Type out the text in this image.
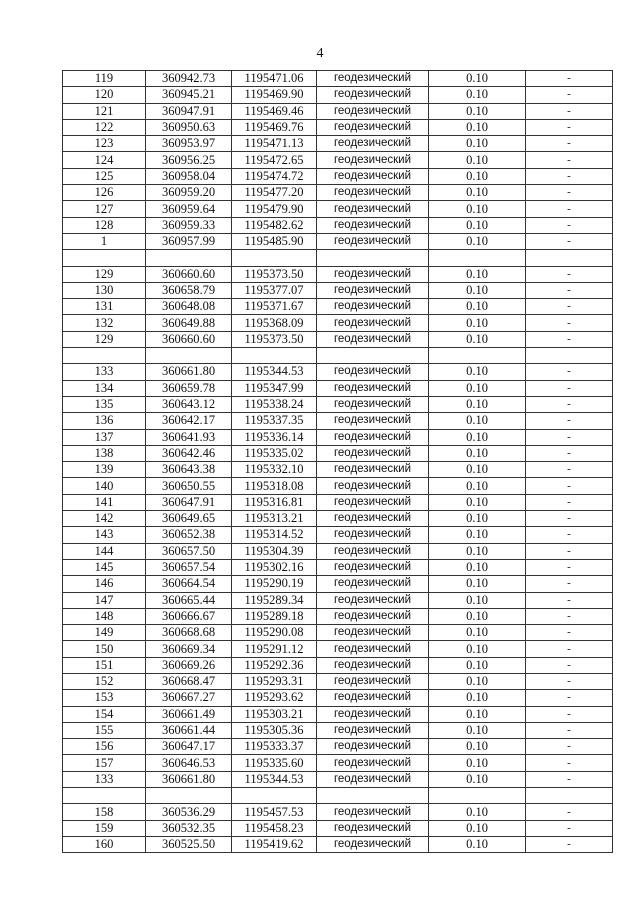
4
119	360942.73	1195471.06	геодезический	0.10	-
120	360945.21	1195469.90	геодезический	0.10	-
121	360947.91	1195469.46	геодезический	0.10	-
122	360950.63	1195469.76	геодезический	0.10	-
123	360953.97	1195471.13	геодезический	0.10	-
124	360956.25	1195472.65	геодезический	0.10	-
125	360958.04	1195474.72	геодезический	0.10	-
126	360959.20	1195477.20	геодезический	0.10	-
127	360959.64	1195479.90	геодезический	0.10	-
128	360959.33	1195482.62	геодезический	0.10	-
1	360957.99	1195485.90	геодезический	0.10	-

129	360660.60	1195373.50	геодезический	0.10	-
130	360658.79	1195377.07	геодезический	0.10	-
131	360648.08	1195371.67	геодезический	0.10	-
132	360649.88	1195368.09	геодезический	0.10	-
129	360660.60	1195373.50	геодезический	0.10	-

133	360661.80	1195344.53	геодезический	0.10	-
134	360659.78	1195347.99	геодезический	0.10	-
135	360643.12	1195338.24	геодезический	0.10	-
136	360642.17	1195337.35	геодезический	0.10	-
137	360641.93	1195336.14	геодезический	0.10	-
138	360642.46	1195335.02	геодезический	0.10	-
139	360643.38	1195332.10	геодезический	0.10	-
140	360650.55	1195318.08	геодезический	0.10	-
141	360647.91	1195316.81	геодезический	0.10	-
142	360649.65	1195313.21	геодезический	0.10	-
143	360652.38	1195314.52	геодезический	0.10	-
144	360657.50	1195304.39	геодезический	0.10	-
145	360657.54	1195302.16	геодезический	0.10	-
146	360664.54	1195290.19	геодезический	0.10	-
147	360665.44	1195289.34	геодезический	0.10	-
148	360666.67	1195289.18	геодезический	0.10	-
149	360668.68	1195290.08	геодезический	0.10	-
150	360669.34	1195291.12	геодезический	0.10	-
151	360669.26	1195292.36	геодезический	0.10	-
152	360668.47	1195293.31	геодезический	0.10	-
153	360667.27	1195293.62	геодезический	0.10	-
154	360661.49	1195303.21	геодезический	0.10	-
155	360661.44	1195305.36	геодезический	0.10	-
156	360647.17	1195333.37	геодезический	0.10	-
157	360646.53	1195335.60	геодезический	0.10	-
133	360661.80	1195344.53	геодезический	0.10	-

158	360536.29	1195457.53	геодезический	0.10	-
159	360532.35	1195458.23	геодезический	0.10	-
160	360525.50	1195419.62	геодезический	0.10	-
